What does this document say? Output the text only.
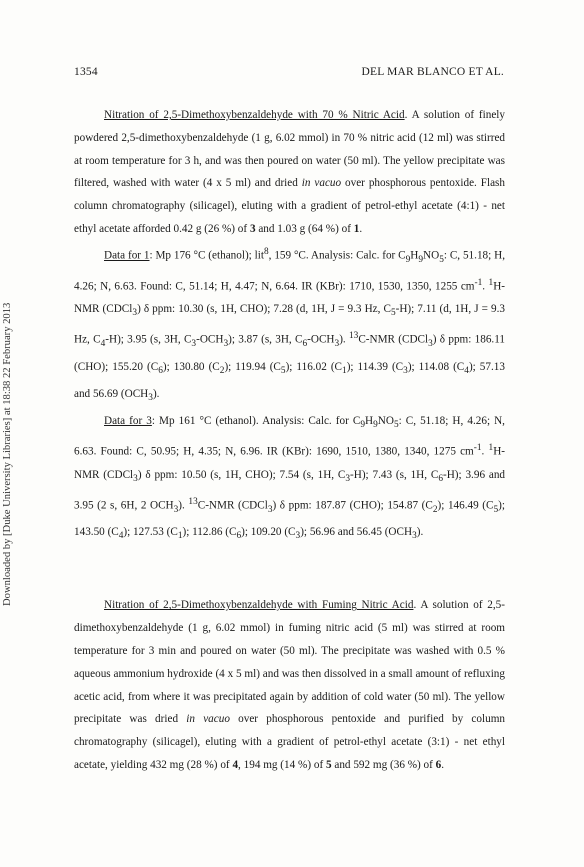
1354	DEL MAR BLANCO ET AL.
Downloaded by [Duke University Libraries] at 18:38 22 February 2013

Nitration of 2,5-Dimethoxybenzaldehyde with 70 % Nitric Acid. A solution of finely powdered 2,5-dimethoxybenzaldehyde (1 g, 6.02 mmol) in 70 % nitric acid (12 ml) was stirred at room temperature for 3 h, and was then poured on water (50 ml). The yellow precipitate was filtered, washed with water (4 x 5 ml) and dried in vacuo over phosphorous pentoxide. Flash column chromatography (silicagel), eluting with a gradient of petrol-ethyl acetate (4:1) - net ethyl acetate afforded 0.42 g (26 %) of 3 and 1.03 g (64 %) of 1.

Data for 1: Mp 176 °C (ethanol); lit$^8$, 159 °C. Analysis: Calc. for $C_9H_9NO_5$: C, 51.18; H, 4.26; N, 6.63. Found: C, 51.14; H, 4.47; N, 6.64. IR (KBr): 1710, 1530, 1350, 1255 $cm^{-1}$. $^1$H-NMR (CDCl$_3$) δ ppm: 10.30 (s, 1H, CHO); 7.28 (d, 1H, J = 9.3 Hz, $C_5-H$); 7.11 (d, 1H, J = 9.3 Hz, $C_4-H$); 3.95 (s, 3H, $C_3-OCH_3$); 3.87 (s, 3H, $C_6-OCH_3$). $^{13}$C-NMR (CDCl$_3$) δ ppm: 186.11 (CHO); 155.20 $(C_6)$; 130.80 $(C_2)$; 119.94 $(C_5)$; 116.02 $(C_1)$; 114.39 $(C_3)$; 114.08 $(C_4)$; 57.13 and 56.69 $(OCH_3)$.

Data for 3: Mp 161 °C (ethanol). Analysis: Calc. for $C_9H_9NO_5$: C, 51.18; H, 4.26; N, 6.63. Found: C, 50.95; H, 4.35; N, 6.96. IR (KBr): 1690, 1510, 1380, 1340, 1275 $cm^{-1}$. $^1$H-NMR (CDCl$_3$) δ ppm: 10.50 (s, 1H, CHO); 7.54 (s, 1H, $C_3-H$); 7.43 (s, 1H, $C_6-H$); 3.96 and 3.95 (2 s, 6H, 2 $OCH_3$). $^{13}$C-NMR (CDCl$_3$) δ ppm: 187.87 (CHO); 154.87 $(C_2)$; 146.49 $(C_5)$; 143.50 $(C_4)$; 127.53 $(C_1)$; 112.86 $(C_6)$; 109.20 $(C_3)$; 56.96 and 56.45 $(OCH_3)$.

Nitration of 2,5-Dimethoxybenzaldehyde with Fuming Nitric Acid. A solution of 2,5-dimethoxybenzaldehyde (1 g, 6.02 mmol) in fuming nitric acid (5 ml) was stirred at room temperature for 3 min and poured on water (50 ml). The precipitate was washed with 0.5 % aqueous ammonium hydroxide (4 x 5 ml) and was then dissolved in a small amount of refluxing acetic acid, from where it was precipitated again by addition of cold water (50 ml). The yellow precipitate was dried in vacuo over phosphorous pentoxide and purified by column chromatography (silicagel), eluting with a gradient of petrol-ethyl acetate (3:1) - net ethyl acetate, yielding 432 mg (28 %) of 4, 194 mg (14 %) of 5 and 592 mg (36 %) of 6.
